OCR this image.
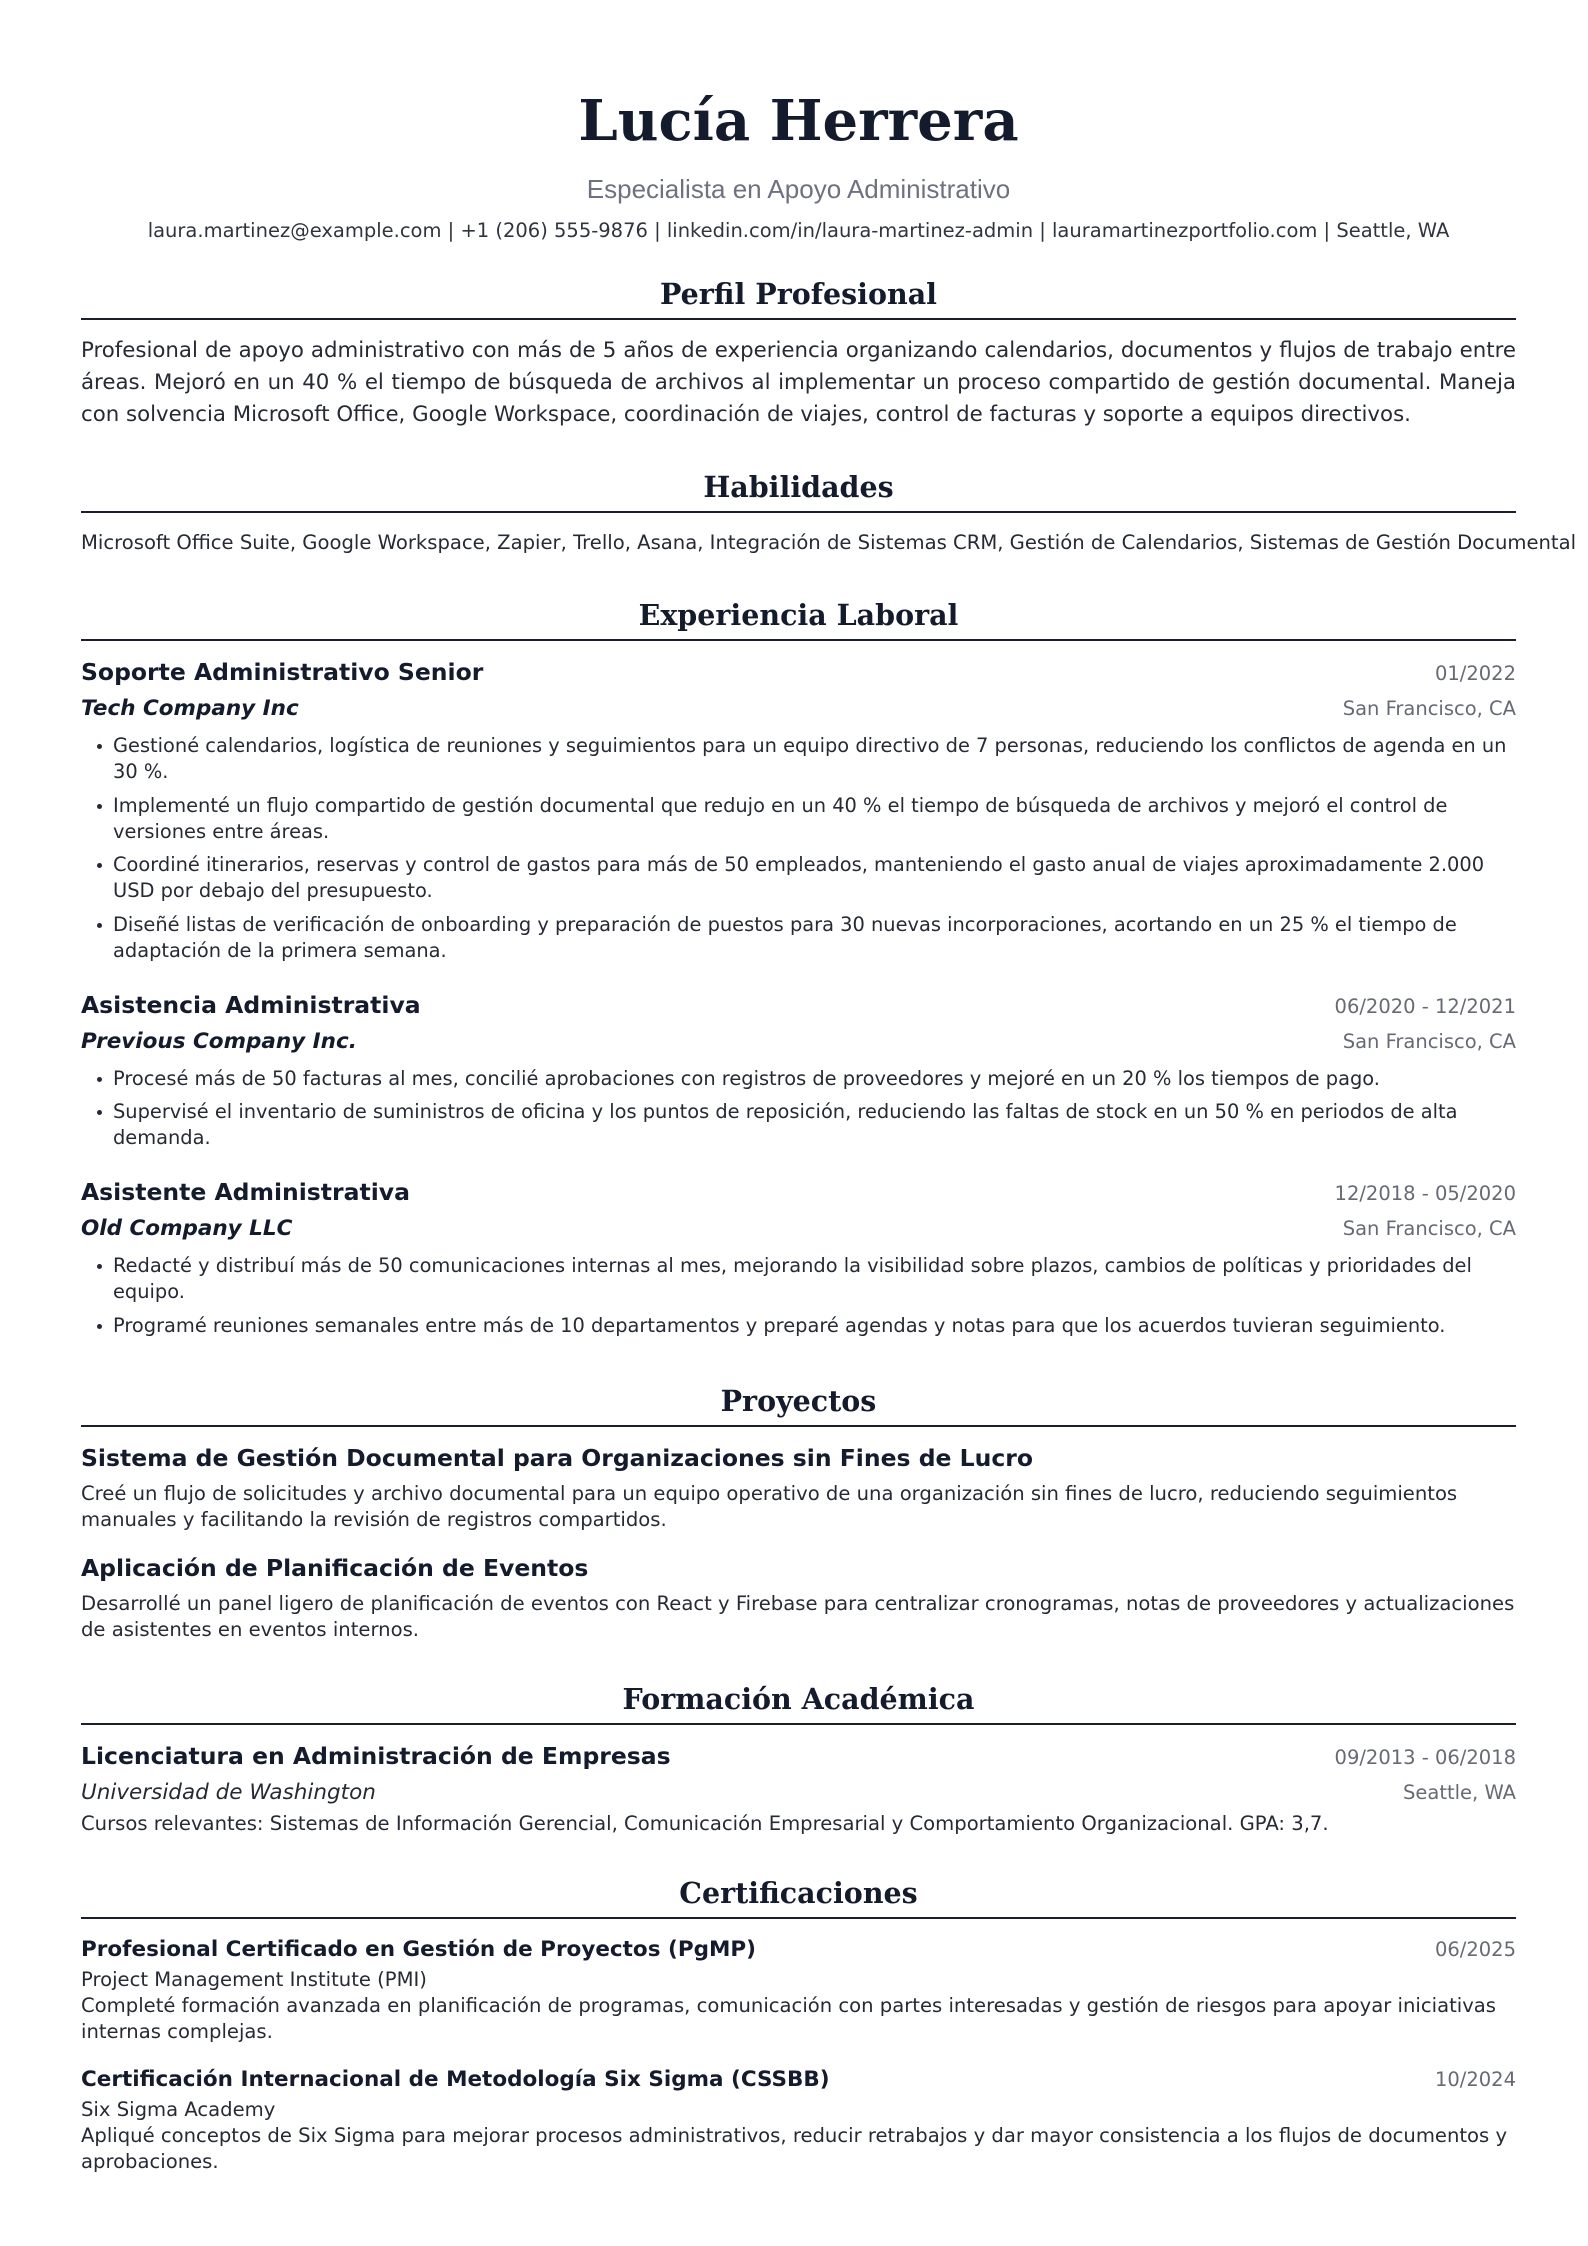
Lucía Herrera
Especialista en Apoyo Administrativo
laura.martinez@example.com | +1 (206) 555-9876 | linkedin.com/in/laura-martinez-admin | lauramartinezportfolio.com | Seattle, WA
Perfil Profesional
Profesional de apoyo administrativo con más de 5 años de experiencia organizando calendarios, documentos y flujos de trabajo entre áreas. Mejoró en un 40 % el tiempo de búsqueda de archivos al implementar un proceso compartido de gestión documental. Maneja con solvencia Microsoft Office, Google Workspace, coordinación de viajes, control de facturas y soporte a equipos directivos.
Habilidades
Microsoft Office Suite, Google Workspace, Zapier, Trello, Asana, Integración de Sistemas CRM, Gestión de Calendarios, Sistemas de Gestión Documental
Experiencia Laboral
Soporte Administrativo Senior	01/2022
Tech Company Inc	San Francisco, CA
Gestioné calendarios, logística de reuniones y seguimientos para un equipo directivo de 7 personas, reduciendo los conflictos de agenda en un 30 %.
Implementé un flujo compartido de gestión documental que redujo en un 40 % el tiempo de búsqueda de archivos y mejoró el control de versiones entre áreas.
Coordiné itinerarios, reservas y control de gastos para más de 50 empleados, manteniendo el gasto anual de viajes aproximadamente 2.000 USD por debajo del presupuesto.
Diseñé listas de verificación de onboarding y preparación de puestos para 30 nuevas incorporaciones, acortando en un 25 % el tiempo de adaptación de la primera semana.
Asistencia Administrativa	06/2020 - 12/2021
Previous Company Inc.	San Francisco, CA
Procesé más de 50 facturas al mes, concilié aprobaciones con registros de proveedores y mejoré en un 20 % los tiempos de pago.
Supervisé el inventario de suministros de oficina y los puntos de reposición, reduciendo las faltas de stock en un 50 % en periodos de alta demanda.
Asistente Administrativa	12/2018 - 05/2020
Old Company LLC	San Francisco, CA
Redacté y distribuí más de 50 comunicaciones internas al mes, mejorando la visibilidad sobre plazos, cambios de políticas y prioridades del equipo.
Programé reuniones semanales entre más de 10 departamentos y preparé agendas y notas para que los acuerdos tuvieran seguimiento.
Proyectos
Sistema de Gestión Documental para Organizaciones sin Fines de Lucro
Creé un flujo de solicitudes y archivo documental para un equipo operativo de una organización sin fines de lucro, reduciendo seguimientos manuales y facilitando la revisión de registros compartidos.
Aplicación de Planificación de Eventos
Desarrollé un panel ligero de planificación de eventos con React y Firebase para centralizar cronogramas, notas de proveedores y actualizaciones de asistentes en eventos internos.
Formación Académica
Licenciatura en Administración de Empresas	09/2013 - 06/2018
Universidad de Washington	Seattle, WA
Cursos relevantes: Sistemas de Información Gerencial, Comunicación Empresarial y Comportamiento Organizacional. GPA: 3,7.
Certificaciones
Profesional Certificado en Gestión de Proyectos (PgMP)	06/2025
Project Management Institute (PMI)
Completé formación avanzada en planificación de programas, comunicación con partes interesadas y gestión de riesgos para apoyar iniciativas internas complejas.
Certificación Internacional de Metodología Six Sigma (CSSBB)	10/2024
Six Sigma Academy
Apliqué conceptos de Six Sigma para mejorar procesos administrativos, reducir retrabajos y dar mayor consistencia a los flujos de documentos y aprobaciones.
